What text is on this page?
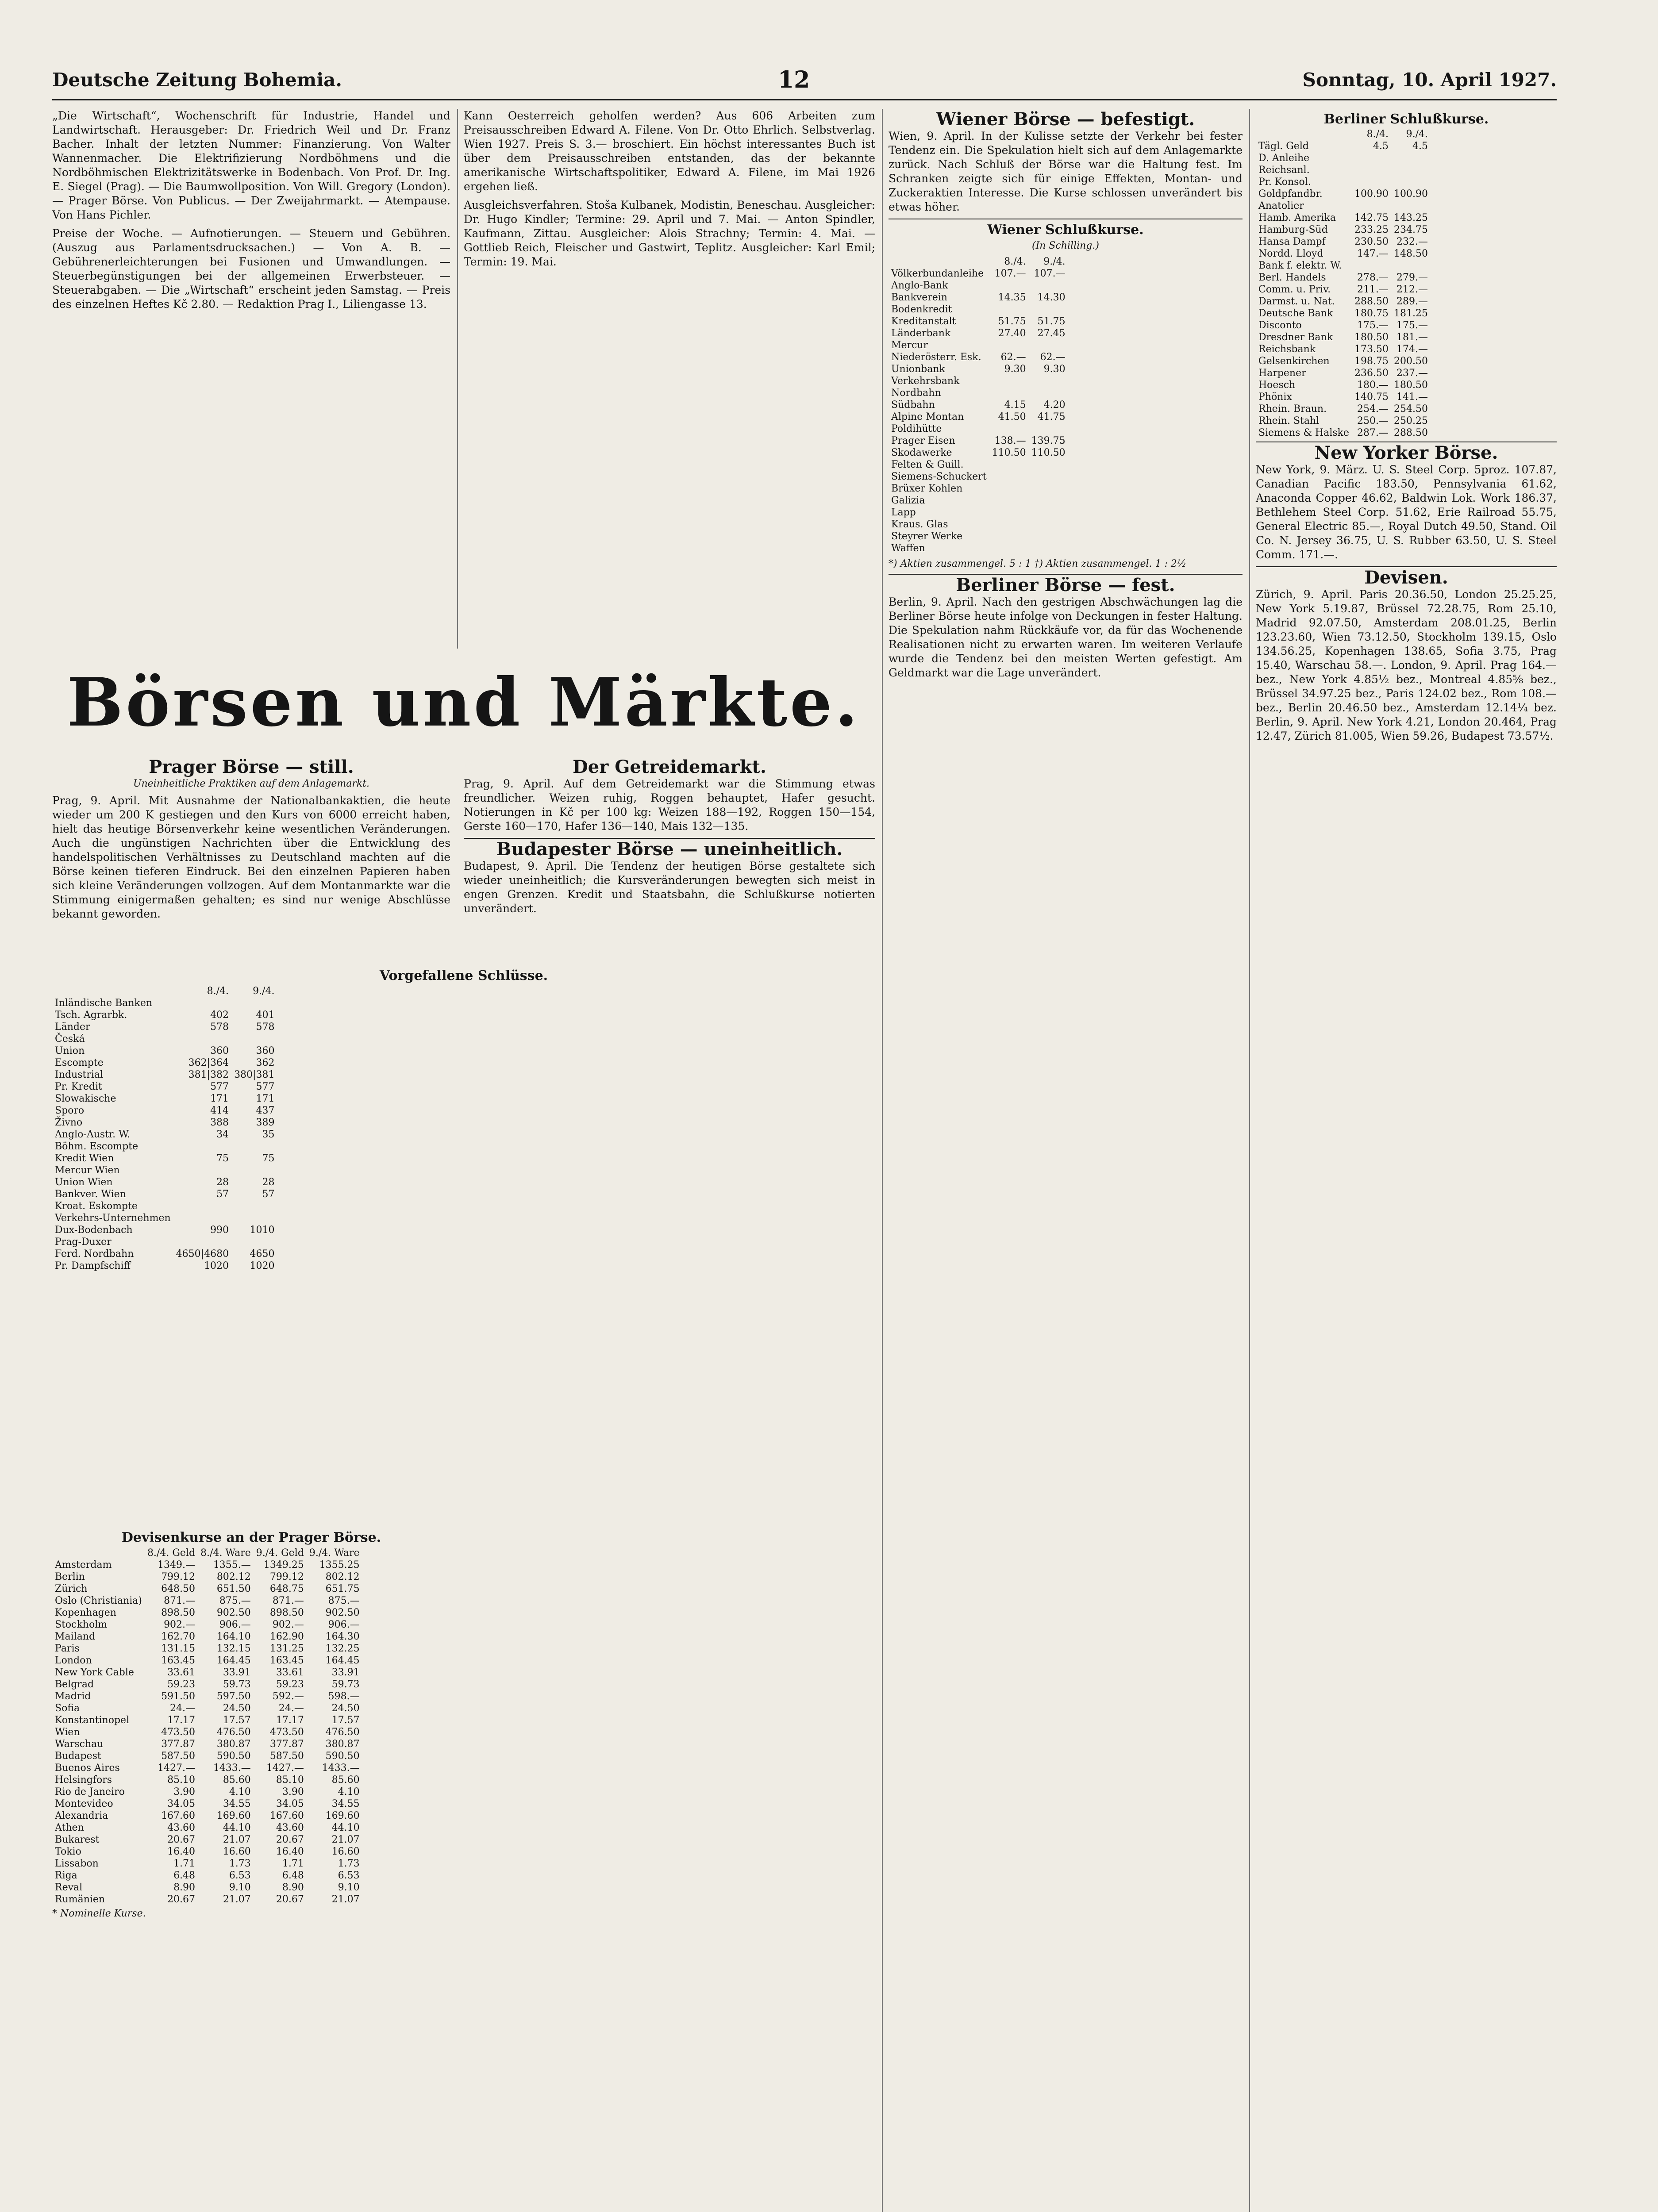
Deutsche Zeitung Bohemia.	12	Sonntag, 10. April 1927.

„Die Wirtschaft“, Wochenschrift für Industrie, Handel und Landwirtschaft. Herausgeber: Dr. Friedrich Weil und Dr. Franz Bacher. Inhalt der letzten Nummer: Finanzierung. Von Walter Wannenmacher. Die Elektrifizierung Nordböhmens und die Nordböhmischen Elektrizitätswerke in Bodenbach. Von Prof. Dr. Ing. E. Siegel (Prag). — Die Baumwollposition. Von Will. Gregory (London). — Prager Börse. Von Publicus. — Der Zweijahrmarkt. — Atempause. Von Hans Pichler.

Preise der Woche. — Aufnotierungen. — Steuern und Gebühren. (Auszug aus Parlamentsdrucksachen.) — Von A. B. — Gebührenerleichterungen bei Fusionen und Umwandlungen. — Steuerbegünstigungen bei der allgemeinen Erwerbsteuer. — Steuerabgaben. — Die „Wirtschaft“ erscheint jeden Samstag. — Preis des einzelnen Heftes Kč 2.80. — Redaktion Prag I., Liliengasse 13.

Kann Oesterreich geholfen werden? Aus 606 Arbeiten zum Preisausschreiben Edward A. Filene. Von Dr. Otto Ehrlich. Selbstverlag. Wien 1927. Preis S. 3.— broschiert. Ein höchst interessantes Buch ist über dem Preisausschreiben entstanden, das der bekannte amerikanische Wirtschaftspolitiker, Edward A. Filene, im Mai 1926 ergehen ließ.

Ausgleichsverfahren. Stoša Kulbanek, Modistin, Beneschau. Ausgleicher: Dr. Hugo Kindler; Termine: 29. April und 7. Mai. — Anton Spindler, Kaufmann, Zittau. Ausgleicher: Alois Strachny; Termin: 4. Mai. — Gottlieb Reich, Fleischer und Gastwirt, Teplitz. Ausgleicher: Karl Emil; Termin: 19. Mai.

Börsen und Märkte.
Prager Börse — still.
Uneinheitliche Praktiken auf dem Anlagemarkt.

Prag, 9. April. Mit Ausnahme der Nationalbankaktien, die heute wieder um 200 K gestiegen und den Kurs von 6000 erreicht haben, hielt das heutige Börsenverkehr keine wesentlichen Veränderungen. Auch die ungünstigen Nachrichten über die Entwicklung des handelspolitischen Verhältnisses zu Deutschland machten auf die Börse keinen tieferen Eindruck. Bei den einzelnen Papieren haben sich kleine Veränderungen vollzogen. Auf dem Montanmarkte war die Stimmung einigermaßen gehalten; es sind nur wenige Abschlüsse bekannt geworden.

Der Getreidemarkt.

Prag, 9. April. Auf dem Getreidemarkt war die Stimmung etwas freundlicher. Weizen ruhig, Roggen behauptet, Hafer gesucht. Notierungen in Kč per 100 kg: Weizen 188—192, Roggen 150—154, Gerste 160—170, Hafer 136—140, Mais 132—135.

Budapester Börse — uneinheitlich.

Budapest, 9. April. Die Tendenz der heutigen Börse gestaltete sich wieder uneinheitlich; die Kursveränderungen bewegten sich meist in engen Grenzen. Kredit und Staatsbahn, die Schlußkurse notierten unverändert.

Vorgefallene Schlüsse.
	8./4.	9./4.
Inländische Banken		
Tsch. Agrarbk.	402	401
Länder	578	578
Česká		
Union	360	360
Escompte	362|364	362
Industrial	381|382	380|381
Pr. Kredit	577	577
Slowakische	171	171
Sporo	414	437
Živno	388	389
Anglo-Austr. W.	34	35
Böhm. Escompte		
Kredit Wien	75	75
Mercur Wien		
Union Wien	28	28
Bankver. Wien	57	57
Kroat. Eskompte		
Verkehrs-Unternehmen		
Dux-Bodenbach	990	1010
Prag-Duxer		
Ferd. Nordbahn	4650|4680	4650
Pr. Dampfschiff	1020	1020
Devisenkurse an der Prager Börse.
	8./4. Geld	8./4. Ware	9./4. Geld	9./4. Ware
Amsterdam	1349.—	1355.—	1349.25	1355.25
Berlin	799.12	802.12	799.12	802.12
Zürich	648.50	651.50	648.75	651.75
Oslo (Christiania)	871.—	875.—	871.—	875.—
Kopenhagen	898.50	902.50	898.50	902.50
Stockholm	902.—	906.—	902.—	906.—
Mailand	162.70	164.10	162.90	164.30
Paris	131.15	132.15	131.25	132.25
London	163.45	164.45	163.45	164.45
New York Cable	33.61	33.91	33.61	33.91
Belgrad	59.23	59.73	59.23	59.73
Madrid	591.50	597.50	592.—	598.—
Sofia	24.—	24.50	24.—	24.50
Konstantinopel	17.17	17.57	17.17	17.57
Wien	473.50	476.50	473.50	476.50
Warschau	377.87	380.87	377.87	380.87
Budapest	587.50	590.50	587.50	590.50
Buenos Aires	1427.—	1433.—	1427.—	1433.—
Helsingfors	85.10	85.60	85.10	85.60
Rio de Janeiro	3.90	4.10	3.90	4.10
Montevideo	34.05	34.55	34.05	34.55
Alexandria	167.60	169.60	167.60	169.60
Athen	43.60	44.10	43.60	44.10
Bukarest	20.67	21.07	20.67	21.07
Tokio	16.40	16.60	16.40	16.60
Lissabon	1.71	1.73	1.71	1.73
Riga	6.48	6.53	6.48	6.53
Reval	8.90	9.10	8.90	9.10
Rumänien	20.67	21.07	20.67	21.07
* Nominelle Kurse.
Wiener Börse — befestigt.

Wien, 9. April. In der Kulisse setzte der Verkehr bei fester Tendenz ein. Die Spekulation hielt sich auf dem Anlagemarkte zurück. Nach Schluß der Börse war die Haltung fest. Im Schranken zeigte sich für einige Effekten, Montan- und Zuckeraktien Interesse. Die Kurse schlossen unverändert bis etwas höher.

Wiener Schlußkurse.
(In Schilling.)
	8./4.	9./4.
Völkerbundanleihe	107.—	107.—
Anglo-Bank		
Bankverein	14.35	14.30
Bodenkredit		
Kreditanstalt	51.75	51.75
Länderbank	27.40	27.45
Mercur		
Niederösterr. Esk.	62.—	62.—
Unionbank	9.30	9.30
Verkehrsbank		
Nordbahn		
Südbahn	4.15	4.20
Alpine Montan	41.50	41.75
Poldihütte		
Prager Eisen	138.—	139.75
Skodawerke	110.50	110.50
Felten & Guill.		
Siemens-Schuckert		
Brüxer Kohlen		
Galizia		
Lapp		
Kraus. Glas		
Steyrer Werke		
Waffen		
*) Aktien zusammengel. 5 : 1 †) Aktien zusammengel. 1 : 2½
Berliner Börse — fest.

Berlin, 9. April. Nach den gestrigen Abschwächungen lag die Berliner Börse heute infolge von Deckungen in fester Haltung. Die Spekulation nahm Rückkäufe vor, da für das Wochenende Realisationen nicht zu erwarten waren. Im weiteren Verlaufe wurde die Tendenz bei den meisten Werten gefestigt. Am Geldmarkt war die Lage unverändert.

Berliner Schlußkurse.
	8./4.	9./4.
Tägl. Geld	4.5	4.5
D. Anleihe		
Reichsanl.		
Pr. Konsol.		
Goldpfandbr.	100.90	100.90
Anatolier		
Hamb. Amerika	142.75	143.25
Hamburg-Süd	233.25	234.75
Hansa Dampf	230.50	232.—
Nordd. Lloyd	147.—	148.50
Bank f. elektr. W.		
Berl. Handels	278.—	279.—
Comm. u. Priv.	211.—	212.—
Darmst. u. Nat.	288.50	289.—
Deutsche Bank	180.75	181.25
Disconto	175.—	175.—
Dresdner Bank	180.50	181.—
Reichsbank	173.50	174.—
Gelsenkirchen	198.75	200.50
Harpener	236.50	237.—
Hoesch	180.—	180.50
Phönix	140.75	141.—
Rhein. Braun.	254.—	254.50
Rhein. Stahl	250.—	250.25
Siemens & Halske	287.—	288.50
New Yorker Börse.

New York, 9. März. U. S. Steel Corp. 5proz. 107.87, Canadian Pacific 183.50, Pennsylvania 61.62, Anaconda Copper 46.62, Baldwin Lok. Work 186.37, Bethlehem Steel Corp. 51.62, Erie Railroad 55.75, General Electric 85.—, Royal Dutch 49.50, Stand. Oil Co. N. Jersey 36.75, U. S. Rubber 63.50, U. S. Steel Comm. 171.—.

Devisen.

Zürich, 9. April. Paris 20.36.50, London 25.25.25, New York 5.19.87, Brüssel 72.28.75, Rom 25.10, Madrid 92.07.50, Amsterdam 208.01.25, Berlin 123.23.60, Wien 73.12.50, Stockholm 139.15, Oslo 134.56.25, Kopenhagen 138.65, Sofia 3.75, Prag 15.40, Warschau 58.—. London, 9. April. Prag 164.— bez., New York 4.85½ bez., Montreal 4.85⅝ bez., Brüssel 34.97.25 bez., Paris 124.02 bez., Rom 108.— bez., Berlin 20.46.50 bez., Amsterdam 12.14¼ bez. Berlin, 9. April. New York 4.21, London 20.464, Prag 12.47, Zürich 81.005, Wien 59.26, Budapest 73.57½.
